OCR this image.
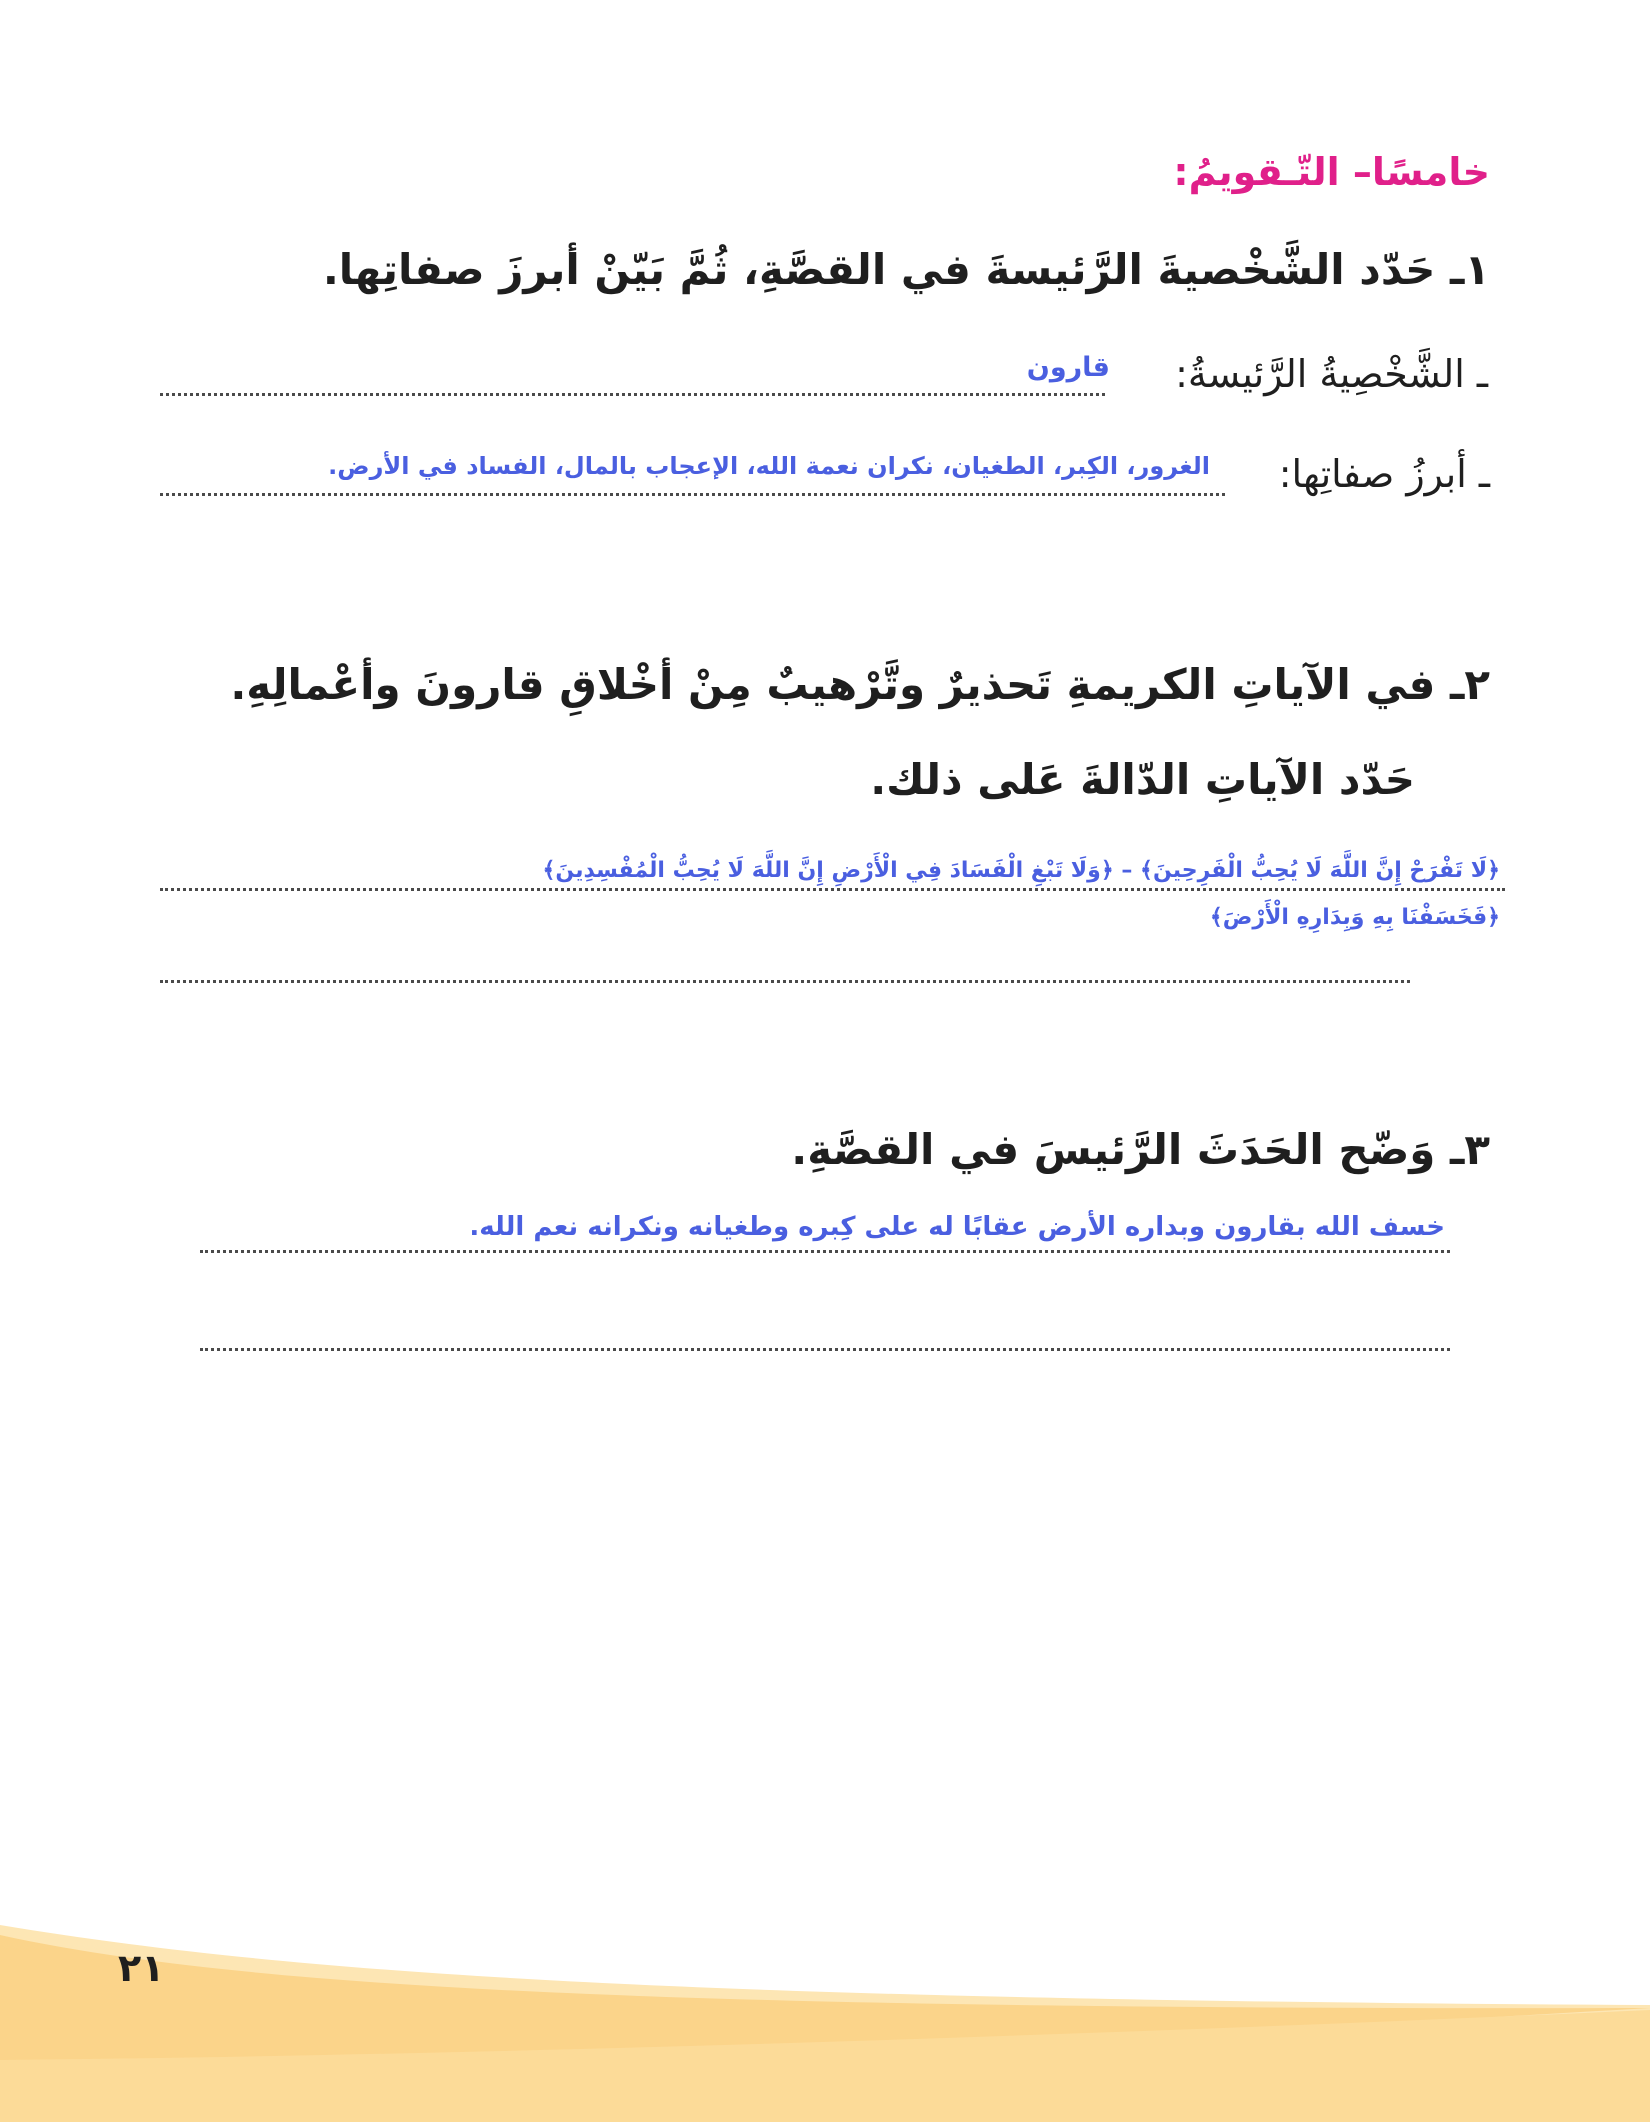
خامسًا– التّـقويمُ:
١ـ حَدّد الشَّخْصيةَ الرَّئيسةَ في القصَّةِ، ثُمَّ بَيّنْ أبرزَ صفاتِها.
ـ الشَّخْصِيةُ الرَّئيسةُ:
قارون
ـ أبرزُ صفاتِها:
الغرور، الكِبر، الطغيان، نكران نعمة الله، الإعجاب بالمال، الفساد في الأرض.
٢ـ في الآياتِ الكريمةِ تَحذيرٌ وتَّرْهيبٌ مِنْ أخْلاقِ قارونَ وأعْمالِهِ.
حَدّد الآياتِ الدّالةَ عَلى ذلك.
﴿لَا تَفْرَحْ إِنَّ اللَّهَ لَا يُحِبُّ الْفَرِحِينَ﴾ – ﴿وَلَا تَبْغِ الْفَسَادَ فِي الْأَرْضِ إِنَّ اللَّهَ لَا يُحِبُّ الْمُفْسِدِينَ﴾
﴿فَخَسَفْنَا بِهِ وَبِدَارِهِ الْأَرْضَ﴾
٣ـ وَضّح الحَدَثَ الرَّئيسَ في القصَّةِ.
خسف الله بقارون وبداره الأرض عقابًا له على كِبره وطغيانه ونكرانه نعم الله.
٢١
